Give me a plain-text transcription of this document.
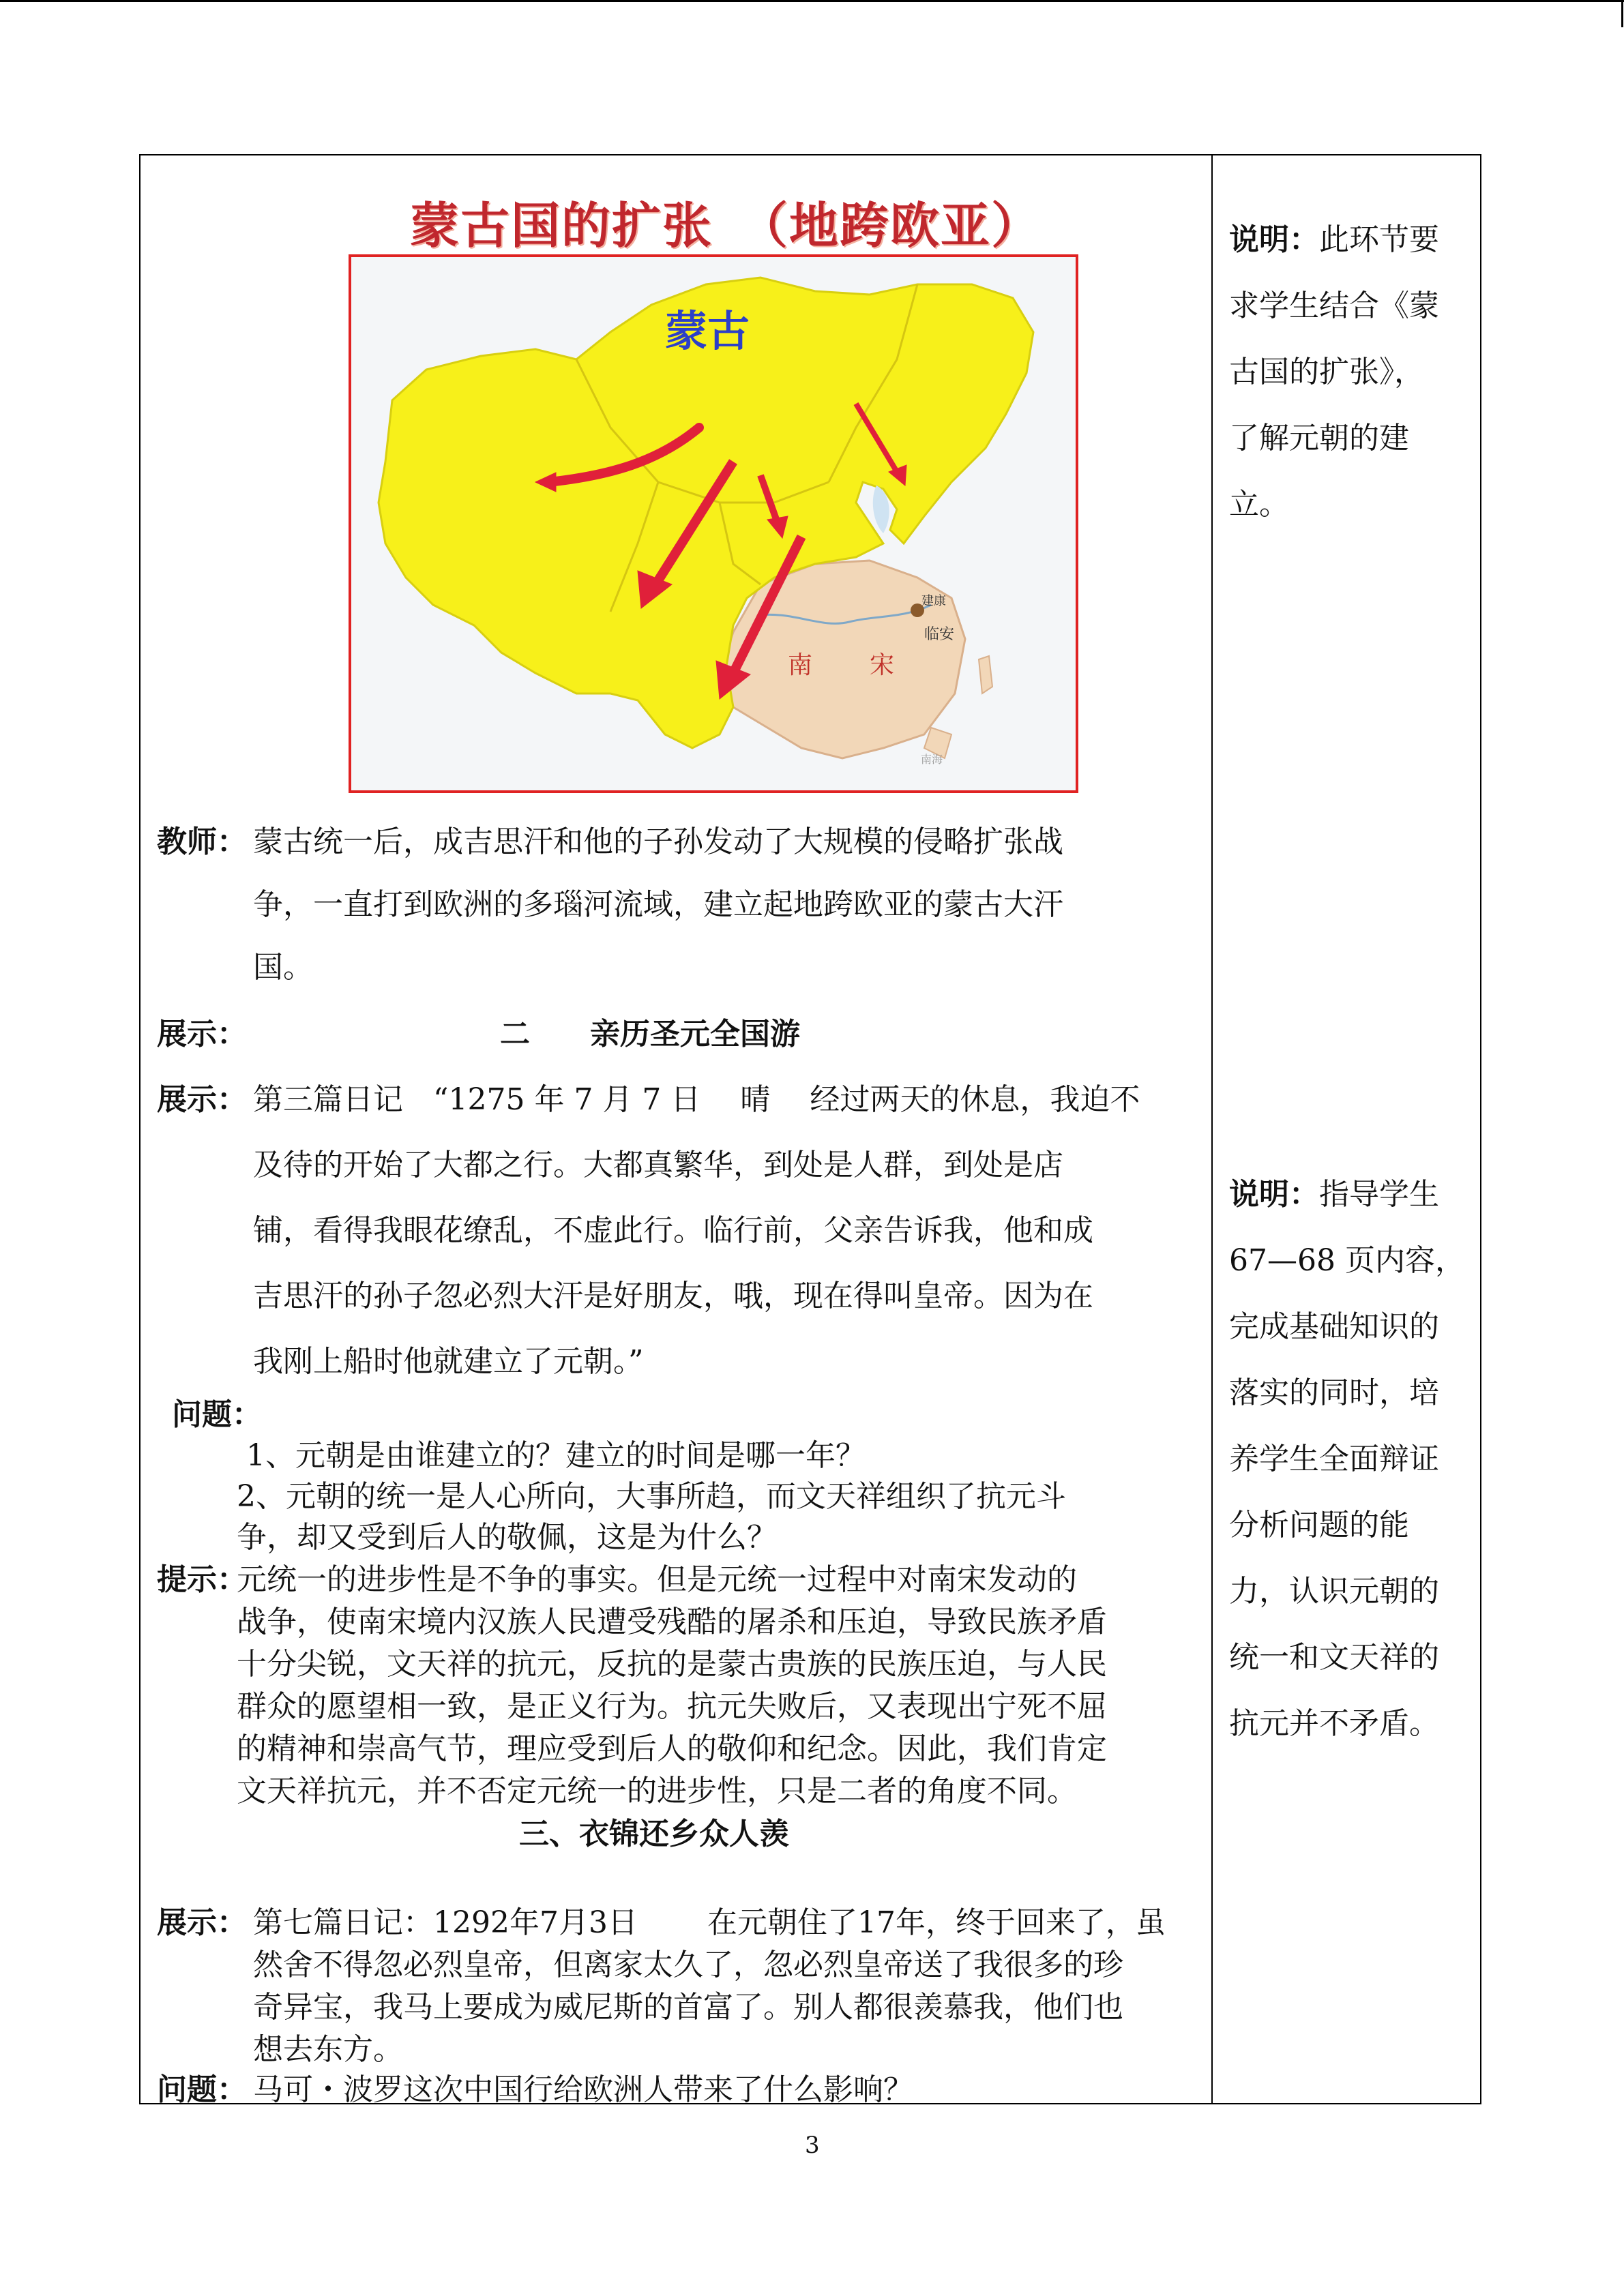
蒙古国的扩张　（地跨欧亚）
蒙古
建康
临安
南 宋
南海
教师： 蒙古统一后，成吉思汗和他的子孙发动了大规模的侵略扩张战
争，一直打到欧洲的多瑙河流域，建立起地跨欧亚的蒙古大汗
国。
展示：	二　　亲历圣元全国游
展示： 第三篇日记　“1275 年 7 月 7 日　 晴　 经过两天的休息，我迫不
及待的开始了大都之行。大都真繁华，到处是人群，到处是店
铺，看得我眼花缭乱，不虚此行。临行前，父亲告诉我，他和成
吉思汗的孙子忽必烈大汗是好朋友，哦，现在得叫皇帝。因为在
我刚上船时他就建立了元朝。”
问题：
1、元朝是由谁建立的？建立的时间是哪一年？
2、元朝的统一是人心所向，大事所趋，而文天祥组织了抗元斗
争，却又受到后人的敬佩，这是为什么？
提示：
元统一的进步性是不争的事实。但是元统一过程中对南宋发动的
战争，使南宋境内汉族人民遭受残酷的屠杀和压迫，导致民族矛盾
十分尖锐，文天祥的抗元，反抗的是蒙古贵族的民族压迫，与人民
群众的愿望相一致，是正义行为。抗元失败后，又表现出宁死不屈
的精神和崇高气节，理应受到后人的敬仰和纪念。因此，我们肯定
文天祥抗元，并不否定元统一的进步性，只是二者的角度不同。
三、衣锦还乡众人羡
展示： 第七篇日记：1292年7月3日　　 在元朝住了17年，终于回来了，虽
然舍不得忽必烈皇帝，但离家太久了，忽必烈皇帝送了我很多的珍
奇异宝，我马上要成为威尼斯的首富了。别人都很羡慕我，他们也
想去东方。
问题： 马可・波罗这次中国行给欧洲人带来了什么影响？
说明：此环节要
求学生结合《蒙
古国的扩张》，
了解元朝的建
立。
说明：指导学生
67—68 页内容，
完成基础知识的
落实的同时，培
养学生全面辩证
分析问题的能
力，认识元朝的
统一和文天祥的
抗元并不矛盾。
3
